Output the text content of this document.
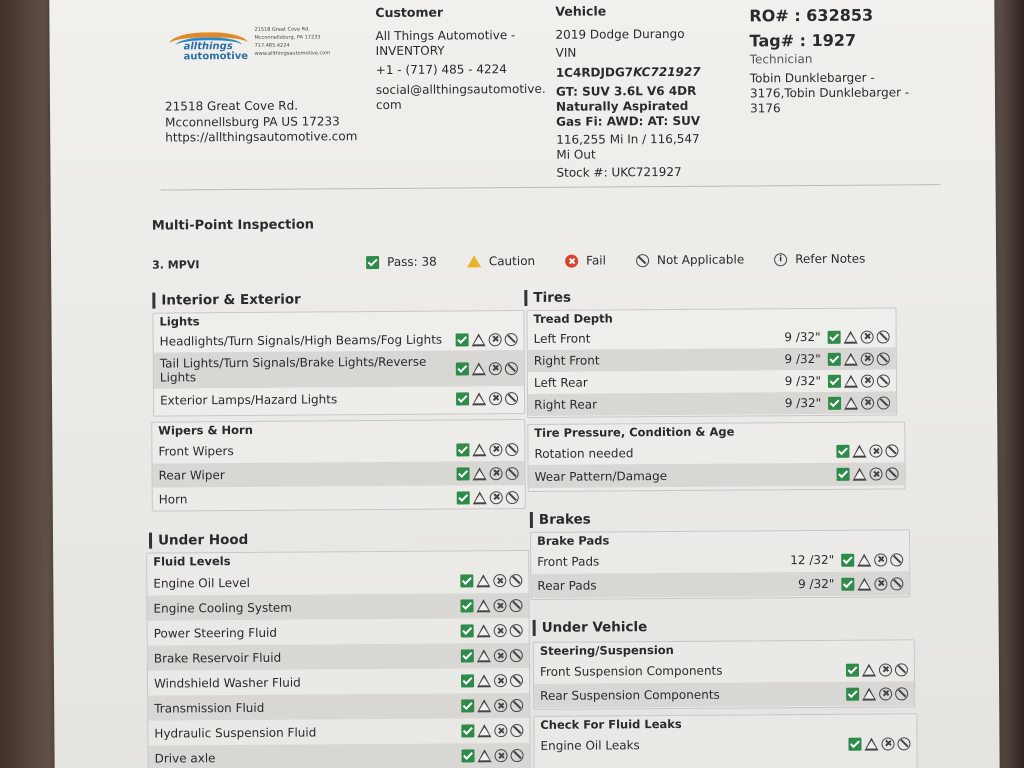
allthings
automotive
21518 Great Cove Rd. Mcconnellsburg, PA 17233 717.485.4224 www.allthingsautomotive.com
21518 Great Cove Rd.
Mcconnellsburg PA US 17233
https://allthingsautomotive.com
Customer
All Things Automotive - INVENTORY
+1 - (717) 485 - 4224
social@allthingsautomotive.com
Vehicle
2019 Dodge Durango
VIN
1C4RDJDG7KC721927
GT: SUV 3.6L V6 4DR Naturally Aspirated Gas Fi: AWD: AT: SUV
116,255 Mi In / 116,547 Mi Out
Stock #: UKC721927
RO# : 632853
Tag# : 1927
Technician
Tobin Dunklebarger - 3176,Tobin Dunklebarger - 3176
Multi-Point Inspection
3. MPVI	Pass: 38	Caution	Fail	Not Applicable	i	Refer Notes
Interior & Exterior
Lights
Headlights/Turn Signals/High Beams/Fog Lights
Tail Lights/Turn Signals/Brake Lights/Reverse Lights
Exterior Lamps/Hazard Lights
Wipers & Horn
Front Wipers
Rear Wiper
Horn
Under Hood
Fluid Levels
Engine Oil Level
Engine Cooling System
Power Steering Fluid
Brake Reservoir Fluid
Windshield Washer Fluid
Transmission Fluid
Hydraulic Suspension Fluid
Drive axle
Tires
Tread Depth
Left Front	9 /32"
Right Front	9 /32"
Left Rear	9 /32"
Right Rear	9 /32"
Tire Pressure, Condition & Age
Rotation needed
Wear Pattern/Damage
Brakes
Brake Pads
Front Pads	12 /32"
Rear Pads	9 /32"
Under Vehicle
Steering/Suspension
Front Suspension Components
Rear Suspension Components
Check For Fluid Leaks
Engine Oil Leaks
